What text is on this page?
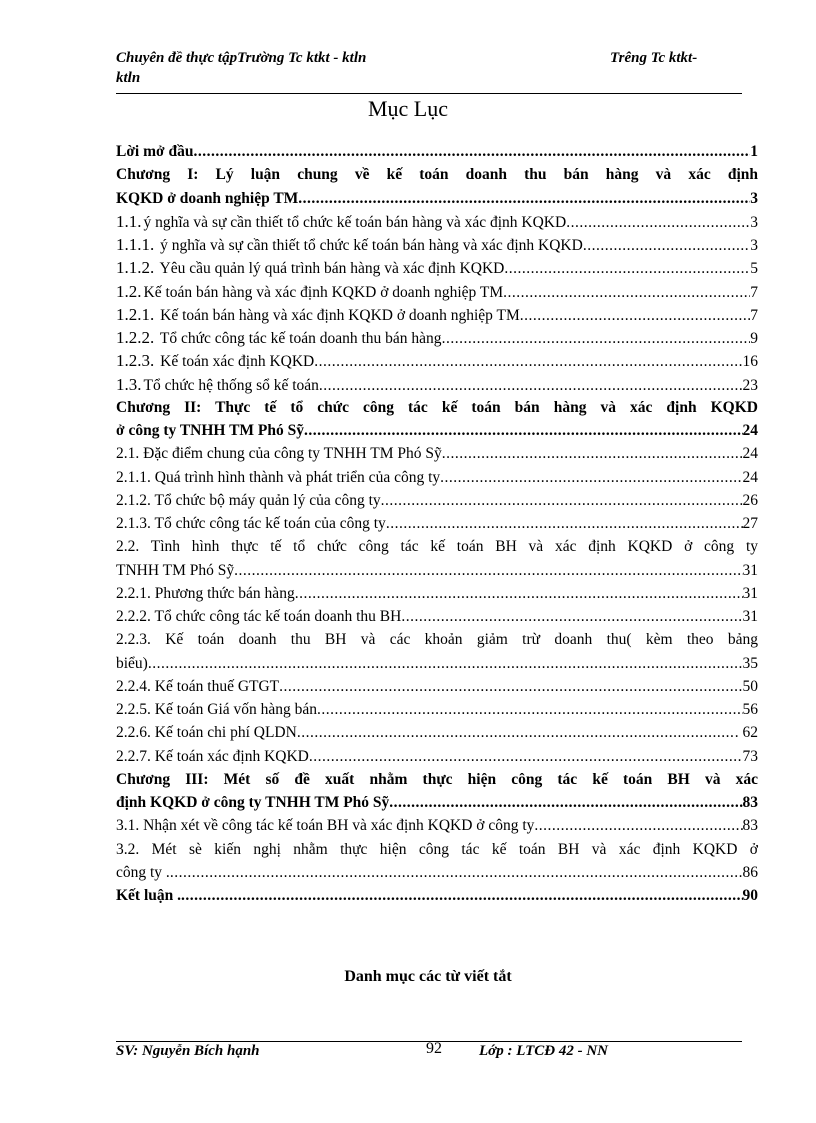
Chuyên đề thực tậpTrường Tc ktkt - ktln
ktln
Trêng Tc ktkt-
Mục Lục
Lời mở đầu .....	1
Chương I: Lý luận chung về kế toán doanh thu bán hàng và xác định
KQKD ở doanh nghiệp TM .....	3
1.1. ý nghĩa và sự cần thiết tổ chức kế toán bán hàng và xác định KQKD .....	3
1.1.1. ý nghĩa và sự cần thiết tổ chức kế toán bán hàng và xác định KQKD .....	3
1.1.2. Yêu cầu quản lý quá trình bán hàng và xác định KQKD .....	5
1.2. Kế toán bán hàng và xác định KQKD ở doanh nghiệp TM .....	7
1.2.1. Kế toán bán hàng và xác định KQKD ở doanh nghiệp TM .....	7
1.2.2. Tổ chức công tác kế toán doanh thu bán hàng .....	9
1.2.3. Kế toán xác định KQKD .....	16
1.3. Tổ chức hệ thống sổ kế toán .....	23
Chương II: Thực tế tổ chức công tác kế toán bán hàng và xác định KQKD
ở công ty TNHH TM Phó Sỹ .....	24
2.1. Đặc điểm chung của công ty TNHH TM Phó Sỹ .....	24
2.1.1. Quá trình hình thành và phát triển của công ty .....	24
2.1.2. Tổ chức bộ máy quản lý của công ty .....	26
2.1.3. Tổ chức công tác kế toán của công ty .....	27
2.2. Tình hình thực tế tổ chức công tác kế toán BH và xác định KQKD ở công ty
TNHH TM Phó Sỹ .....	31
2.2.1. Phương thức bán hàng .....	31
2.2.2. Tổ chức công tác kế toán doanh thu BH .....	31
2.2.3. Kế toán doanh thu BH và các khoản giảm trừ doanh thu( kèm theo bảng
biểu) .....	35
2.2.4. Kế toán thuế GTGT .....	50
2.2.5. Kế toán Giá vốn hàng bán .....	56
2.2.6. Kế toán chi phí QLDN .....	. 62
2.2.7. Kế toán xác định KQKD .....	73
Chương III: Mét số đề xuất nhằm thực hiện công tác kế toán BH và xác
định KQKD ở công ty TNHH TM Phó Sỹ .....	83
3.1. Nhận xét về công tác kế toán BH và xác định KQKD ở công ty .....	83
3.2. Mét sè kiến nghị nhằm thực hiện công tác kế toán BH và xác định KQKD ở
công ty . .....	86
Kết luận . .....	90
Danh mục các từ viết tắt
SV: Nguyễn Bích hạnh	92 Lớp : LTCĐ 42 - NN
